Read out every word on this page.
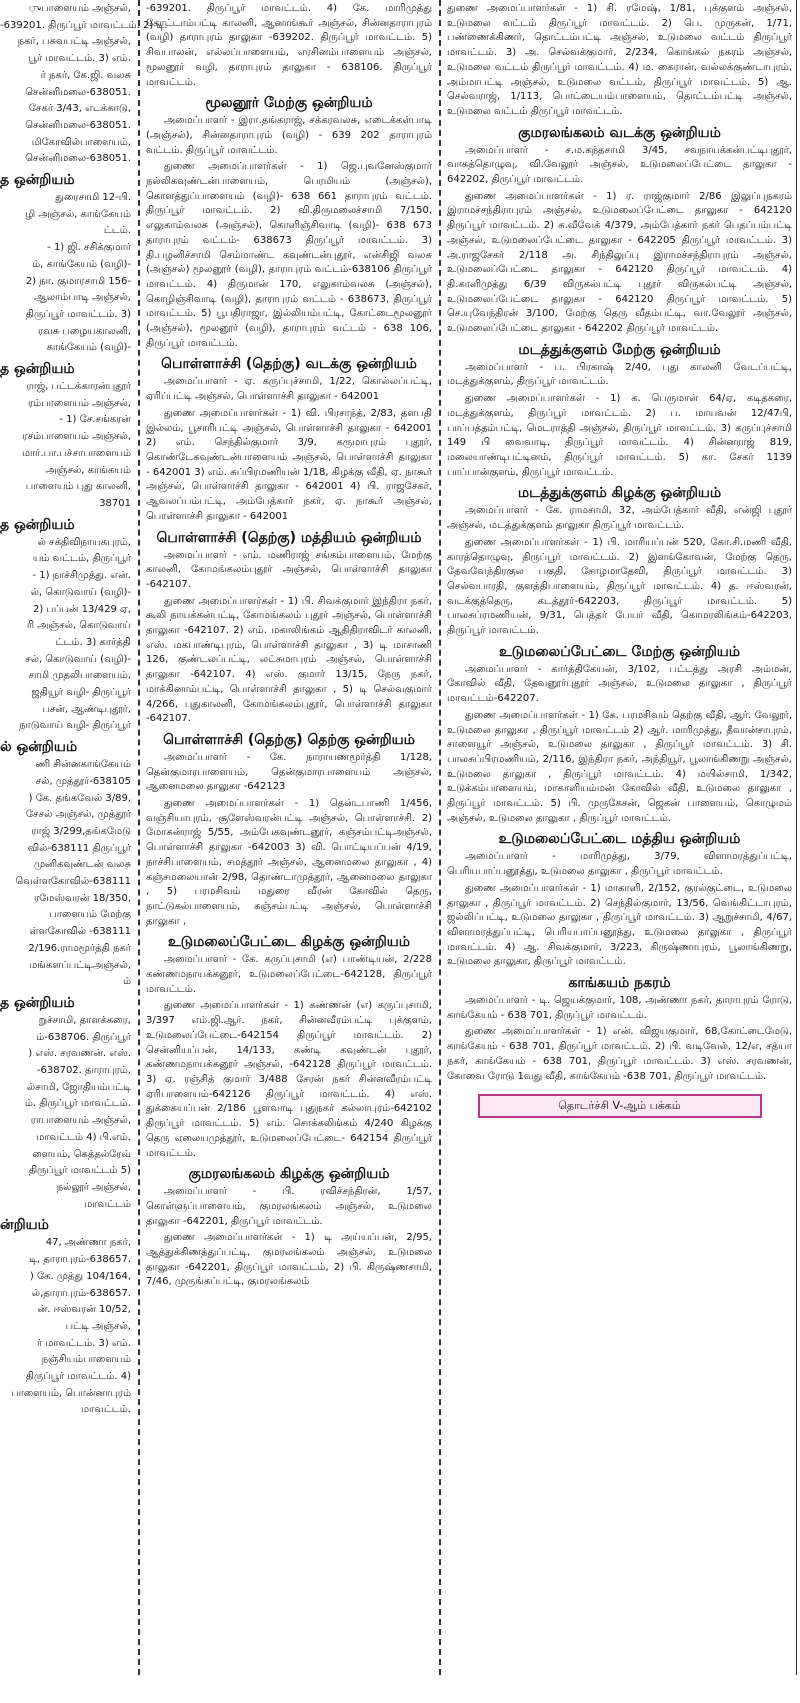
ுபாளையம் அஞ்சல்,
-639201. திருப்பூர் மாவட்டம். 2) டி.
நகர், பசுவபட்டி அஞ்சல்,
பூர் மாவட்டம். 3) எம்.
ர் நகர், கே.ஜி. வலசு
சென்னிமலை-638051.
சேகர் 3/43, எடக்காடு,
சென்னிமலை-638051.
மிகோவில்பாளையம்,
சென்னிமலை-638051.
த ஒன்றியம்
துரைசாமி 12-பி.
ழி அஞ்சல், காங்கேயம்
ட்டம்.
- 1) ஜி. சசிக்குமார்
ம், காங்கேயம் (வழி)-
2) நா. குமாரசாமி 156-
ஆலாம்பாடி அஞ்சல்,
திருப்பூர் மாவட்டம். 3)
ரவசு பழையகாலனி,
காங்கேயம் (வழி)-
த ஒன்றியம்
ராஜ், பட்டக்காரன்புதூர்
ரம்பாளையம் அஞ்சல்,
- 1) சே.சங்கரன்
ரசம்பாளையம் அஞ்சல்,
மார்.பா.பச்சாபாளையம்
அஞ்சல், காங்கயம்
பாளையம் புது காலனி,
38701
த ஒன்றியம்
ல் சக்திவிநாயகபுரம்,
யம் வட்டம், திருப்பூர்
- 1) நாச்சிமுத்து. என்.
ல், கொடுவாய் (வழி)-
2) பப்பன் 13/429 ஏ,
ரி அஞ்சல், கொடுவாய்
ட்டம். 3) கார்த்தி
சல், கொடுவாய் (வழி)-
சாமி முதலிபாளையம்,
ஜதியூர் வழி- திருப்பூர்
பசன், ஆண்டிபுதூர்,
நாடுவாய் வழி- திருப்பூர்
ல் ஒன்றியம்
ணி சின்னகாங்கேயம்
சல், முத்தூர்-638105
) கே. தங்கவேல் 3/89,
சேசல் அஞ்சல், முத்தூர்
ராஜ் 3/299,தங்கமேடு
வில்-638111 திருப்பூர்
முனிகவுண்டன் வலசு
வெள்ளகோவில்-638111
ரமேஸ்வரன் 18/350,
பாளையம் மேற்கு
ள்ளகோவில் -638111
2/196.ராமமூர்த்தி நகர்
மங்களப்பட்டிஅஞ்சல்,
ம்
த ஒன்றியம்
றுச்சாமி, தாளக்கரை,
ம்-638706. திருப்பூர்
) எஸ். சரவணன். எஸ்.
-638702. தாராபுரம்,
ல்சாமி, ஜோதியம்பட்டி
ம். திருப்பூர் மாவட்டம்.
ராபாளையம் அஞ்சல்,
மாவட்டம் 4) பி.எம்.
ளையம், கெத்தல்ரேவ்
திருப்பூர் மாவட்டம் 5)
நல்லூர் அஞ்சல்,
மாவட்டம்
ன்றியம்
47, அண்ணா நகர்,
டி, தாராபுரம்-638657.
) கே. முத்து 104/164,
ல்,தாராபுரம்-638657.
ன். ஈஸ்வரன் 10/52,
பட்டி அஞ்சல்,
ர் மாவட்டம். 3) எம்.
நஞ்சியம்பாளையம்
திருப்பூர் மாவட்டம். 4)
பாளையம், பொன்னாபுரம்
மாவட்டம்.
-639201. திருப்பூர் மாவட்டம். 4) கே. மாரிமுத்து கோட்டாம்பட்டி காலனி, ஆனாங்கூர் அஞ்சல், சின்னதாராபுரம் (வழி) தாராபுரம் தாலுகா -639202. திருப்பூர் மாவட்டம். 5) சிவபாலன், எல்லப்பாளையம், எரசினம்பாளையம் அஞ்சல், மூலனூர் வழி, தாராபுரம் தாலுகா - 638106. திருப்பூர் மாவட்டம்.
மூலனூர் மேற்கு ஒன்றியம்
அமைப்பாளர் - இரா.தங்கராஜ், சக்கரவலசு, எடைக்கள்பாடி (அஞ்சல்), சின்னதாராபுரம் (வழி) - 639 202 தாராபுரம் வட்டம். திருப்பூர் மாவட்டம்.
துணை அமைப்பாளர்கள் - 1) ஜெ.புவனேஸ்குமார் நல்லிகவுண்டன்பாளையம், பெரமியம் (அஞ்சல்), கொளத்துப்பாளையம் (வழி)- 638 661 தாராபுரம் வட்டம். திருப்பூர் மாவட்டம். 2) வி.திருமலைச்சாமி 7/150, எலுகாம்வலசு (அஞ்சல்), கொளிஞ்சிவாடி (வழி)- 638 673 தாராபுரம் வட்டம்- 638673 திருப்பூர் மாவட்டம். 3) தி.பழனிச்சாமி செம்மாண்ட கவுண்டன்புதூர், என்சிஜி வலசு (அஞ்சல்) மூலனூர் (வழி), தாராபுரம் வட்டம்-638106 திருப்பூர் மாவட்டம். 4) திருமான் 170, எலுகாம்வலசு (அஞ்சல்), கொழிஞ்சிவாடி (வழி), தாராபுரம் வட்டம் - 638673, திருப்பூர் மாவட்டம். 5) பூபதிராஜா, இல்லியம்பட்டி, கோட்டைமூலனூர் (அஞ்சல்), மூலனூர் (வழி), தாராபுரம் வட்டம் - 638 106, திருப்பூர் மாவட்டம்.
பொள்ளாச்சி (தெற்கு) வடக்கு ஒன்றியம்
அமைப்பாளர் - ஏ. கருப்புச்சாமி, 1/22, கொல்லப்பட்டி, ஏரிப்பட்டி அஞ்சல், பொள்ளாச்சி தாலுகா - 642001
துணை அமைப்பாளர்கள் - 1) வி. பிரசாந்த், 2/83, தளபதி இல்லம், பூசாரிபட்டி அஞ்சல், பொள்ளாச்சி தாலுகா - 642001 2) எம். செந்தில்குமார் 3/9, கருமாபுரம் புதூர், கொண்டேகவுண்டன்பாளையம் அஞ்சல், பொள்ளாச்சி தாலுகா - 642001 3) எம். சுப்பிரமணியன் 1/18, கிழக்கு வீதி, ஏ. நாகூர் அஞ்சல், பொள்ளாச்சி தாலுகா - 642001 4) பி. ராஜசேகர், ஆவலப்பம்பட்டி, அம்பேத்கார் நகர், ஏ. நாகூர் அஞ்சல், பொள்ளாச்சி தாலுகா - 642001
பொள்ளாச்சி (தெற்கு) மத்தியம் ஒன்றியம்
அமைப்பாளர் - எம். மணிராஜ் சங்கம்பாளையம், மேற்கு காலனி, கோமங்கலம்புதூர் அஞ்சல், பொள்ளாச்சி தாலுகா -642107.
துணை அமைப்பாளர்கள் - 1) பி. சிவக்குமார் இந்திரா நகர், கூலி நாயக்கன்பட்டி, கோமங்கலம் புதூர் அஞ்சல், பொள்ளாச்சி தாலுகா -642107. 2) எம். மகாலிங்கம் ஆதிதிராவிடர் காலனி, எஸ். மகபாண்டிபுரம், பொள்ளாச்சி தாலுகா , 3) டி மாசாணி 126, குண்டலப்பட்டி, லட்சுமாபுரம் அஞ்சல், பொள்ளாச்சி தாலுகா -642107. 4) எஸ். குமார் 13/15, நேரு நகர், மாக்கினாம்பட்டி, பொள்ளாச்சி தாலுகா , 5) டி செல்வகுமார் 4/266, புதுகாலனி, கோமங்கலம்புதூர், பொள்ளாச்சி தாலுகா -642107.
பொள்ளாச்சி (தெற்கு) தெற்கு ஒன்றியம்
அமைப்பாளர் - கே. நாராயணமூர்த்தி 1/128, தென்குமாரபாளையம், தென்குமாரபாளையம் அஞ்சல், ஆனைமலை தாலுகா -642123
துணை அமைப்பாளர்கள் - 1) தென்டபாணி 1/456, வஞ்சியாபுரம், சூளேஸ்வரன்பட்டி அஞ்சல், பொள்ளாச்சி. 2) மோகன்ராஜ் 5/55, அம்பேகவுண்டனூர், கஞ்சம்பட்டிஅஞ்சல், பொள்ளாச்சி தாலுகா -642003 3) வி. பொட்டியப்பன் 4/19, நாச்சிபாளையம், சமத்தூர் அஞ்சல், ஆனைமலை தாலுகா , 4) கஞ்சமலையான் 2/98, தொண்டாமுத்தூர், ஆனைமலை தாலுகா , 5) பரமசிவம் மதுரை வீரன் கோவில் தெரு, நாட்டுகல்பாளையம், கஞ்சம்பட்டி அஞ்சல், பொள்ளாச்சி தாலுகா ,
உடுமலைப்பேட்டை கிழக்கு ஒன்றியம்
அமைப்பாளர் - கே. கருப்புசாமி (எ) பாண்டியன், 2/228 கண்ணமநாயக்கனூர், உடுமலைப்பேட்டை-642128, திருப்பூர் மாவட்டம்.
துணை அமைப்பாளர்கள் - 1) கண்ணன் (எ) கருப்புசாமி, 3/397 எம்.ஜி.ஆர். நகர், சின்னவீரம்பட்டி புக்குளம், உடுமலைப்பேட்டை-642154 திருப்பூர் மாவட்டம். 2) சென்னியப்பன், 14/133, கண்டி கவுண்டன் புதூர், கண்ணமநாயக்கனூர் அஞ்சல், -642128 திருப்பூர் மாவட்டம். 3) ஏ. ரஞ்சித் குமார் 3/488 சேரன் நகர் சின்னவீரம்பட்டி ஏரிபாளையம்-642126 திருப்பூர் மாவட்டம். 4) எஸ். துக்கையப்பன் 2/186 பூளவாடி புதுநகர் கல்லாபுரம்-642102 திருப்பூர் மாவட்டம். 5) எம். சொக்கலிங்கம் 4/240 கிழக்கு தெரு எலையமுத்தூர், உடுமலைப்பேட்டை- 642154 திருப்பூர் மாவட்டம்.
குமரலங்கலம் கிழக்கு ஒன்றியம்
அமைப்பாளர் - பி. ரவிச்சந்திரன், 1/57, கொள்ளுப்பாளையம், குமரலங்கலம் அஞ்சல், உடுமலை தாலுகா -642201, திருப்பூர் மாவட்டம்.
துணை அமைப்பாளர்கள் - 1) டி அய்யப்பன், 2/95, ஆத்துக்கிணத்துப்பட்டி, குமரலங்கலம் அஞ்சல், உடுமலை தாலுகா -642201, திருப்பூர் மாவட்டம், 2) பி. கிருஷ்ணசாமி, 7/46, முருங்கப்பட்டி, குமரலங்கலம்
துணை அமைப்பாளர்கள் - 1) சி. ரமேஷ், 1/81, புக்குளம் அஞ்சல், உடுமலை வட்டம் திருப்பூர் மாவட்டம். 2) பெ. முருகன், 1/71, பண்ணைக்கிணர், தொட்டம்பட்டி அஞ்சல், உடுமலை வட்டம் திருப்பூர் மாவட்டம். 3) அ. செல்வக்குமார், 2/234, கொங்கல் நகரம் அஞ்சல், உடுமலை வட்டம் திருப்பூர் மாவட்டம். 4) ம. கைரான், வல்லக்குண்டாபுரம், அம்மாபட்டி அஞ்சல், உடுமலை வட்டம், திருப்பூர் மாவட்டம். 5) ஆ. செல்வராஜ், 1/113, பொட்டையம்பாளையம், தொட்டம்பட்டி அஞ்சல், உடுமலை வட்டம் திருப்பூர் மாவட்டம்.
குமரலங்கலம் வடக்கு ஒன்றியம்
அமைப்பாளர் - ச.ம.கந்தசாமி 3/45, சவநாயக்கன்பட்டிபுதூர், வாகத்தொழுவு, வி.வேலூர் அஞ்சல், உடுமலைப்பேட்டை தாலுகா - 642202, திருப்பூர் மாவட்டம்.
துணை அமைப்பாளர்கள் - 1) ர. ராஜ்குமார் 2/86 இலுப்புநகரம் இராமச்சந்திராபுரம் அஞ்சல், உடுமலைப்பேட்டை தாலுகா - 642120 திருப்பூர் மாவட்டம். 2) சு.வீவேக் 4/379, அம்பேத்கார் நகர் பெதப்பம்பட்டி அஞ்சல், உடுமலைப்பேட்டை தாலுகா - 642205 திருப்பூர் மாவட்டம். 3) அ.ராஜசேகர் 2/118 அ. சிந்திலுப்பு இராமச்சந்திராபுரம் அஞ்சல், உடுமலைப்பேட்டை தாலுகா - 642120 திருப்பூர் மாவட்டம். 4) தி.காளிமுத்து 6/39 விருகல்பட்டி புதூர் விருகல்பட்டி அஞ்சல், உடுமலைப்பேட்டை தாலுகா - 642120 திருப்பூர் மாவட்டம். 5) செ.யுவேந்திரன் 3/100, மேற்கு தெரு வீதம்பட்டி, வா.வேலூர் அஞ்சல், உடுமலைப்பேட்டை தாலுகா - 642202 திருப்பூர் மாவட்டம்.
மடத்துக்குளம் மேற்கு ஒன்றியம்
அமைப்பாளர் - ப. பிரகாஷ் 2/40, புது காலனி வேடப்பட்டி, மடத்துக்குளம், திருப்பூர் மாவட்டம்.
துணை அமைப்பாளர்கள் - 1) க. பெருமாள் 64/ஏ, கடிதகரை, மடத்துக்குளம், திருப்பூர் மாவட்டம். 2) ப. மாயவன் 12/47பி, பாப்பத்தம்பட்டி, மெடராத்தி அஞ்சல், திருப்பூர் மாவட்டம். 3) கருப்புச்சாமி 149 பி வைவாடி, திருப்பூர் மாவட்டம். 4) சின்னராஜ் 819, மலையாண்டிபட்டினம், திருப்பூர் மாவட்டம். 5) கா. சேகர் 1139 பாப்பான்குளம், திருப்பூர் மாவட்டம்.
மடத்துக்குளம் கிழக்கு ஒன்றியம்
அமைப்பாளர் - கே. ராமசாமி, 32, அம்பேத்கார் வீதி, என்ஜி புதூர் அஞ்சல், மடத்துக்குளம் தாலுகா திருப்பூர் மாவட்டம்.
துணை அமைப்பாளர்கள் - 1) பி. மாரியப்பன் 520, கோ.சி.மணி வீதி, காரத்தொழுவு, திருப்பூர் மாவட்டம். 2) இளங்கோவன், மேற்கு தெரு, தேவவேந்திரகுல பகுதி, சோழமாதேவி, திருப்பூர் மாவட்டம். 3) செல்வபாரதி, குளத்திபாளையம், திருப்பூர் மாவட்டம். 4) த. ஈஸ்வரன், வடக்குத்தெரு, கடத்தூர்-642203, திருப்பூர் மாவட்டம். 5) பாலசுப்ரமணியன், 9/31, பெத்தர் பேயர் வீதி, கொமரலிங்கம்-642203, திருப்பூர் மாவட்டம்.
உடுமலைப்பேட்டை மேற்கு ஒன்றியம்
அமைப்பாளர் - கார்த்திகேயன், 3/102, பட்டத்து அரசி அம்மன், கோவில் வீதி, தேவனூர்புதூர் அஞ்சல், உடுமலை தாலுகா , திருப்பூர் மாவட்டம்-642207.
துணை அமைப்பாளர்கள் - 1) கே. பரமசிவம் தெற்கு வீதி, ஆர். வேலூர், உடுமலை தாலுகா , திருப்பூர் மாவட்டம் 2) ஆர். மாரிமுத்து, தீவான்சாபுரம், சாளையூர் அஞ்சல், உடுமலை தாலுகா , திருப்பூர் மாவட்டம். 3) சி. பாலசுப்பிரமணியம், 2/116, இந்திரா நகர், அந்தியூர், பூலாங்கிணறு அஞ்சல், உடுமலை தாலுகா , திருப்பூர் மாவட்டம். 4) மயில்சாமி, 1/342, உடுக்கம்பாளையம், மாகாளியம்மன் கோவில் வீதி, உடுமலை தாலுகா , திருப்பூர் மாவட்டம். 5) பி. முருகேசன், ஜெகன் பாளையம், கொழுமம் அஞ்சல், உடுமலை தாலுகா , திருப்பூர் மாவட்டம்.
உடுமலைப்பேட்டை மத்திய ஒன்றியம்
அமைப்பாளர் - மாரிமுத்து, 3/79, விளாமரத்துப்பட்டி, பெரியபாப்பனூத்து, உடுமலை தாலுகா , திருப்பூர் மாவட்டம்.
துணை அமைப்பாளர்கள் - 1) மாகாளி, 2/152, குரல்குட்டை, உடுமலை தாலுகா , திருப்பூர் மாவட்டம். 2) செந்தில்குமார், 13/56, வெங்கிட்டாபுரம், ஜல்லிப்பட்டி, உடுமலை தாலுகா , திருப்பூர் மாவட்டம். 3) ஆறுச்சாமி, 4/67, விளாமரத்துப்பட்டி, பெரியபாப்பனூத்து, உடுமலை தாலுகா , திருப்பூர் மாவட்டம். 4) ஆ. சிவக்குமார், 3/223, கிருஷ்ணாபுரம், பூலாங்கிணறு, உடுமலை தாலுகா, திருப்பூர் மாவட்டம்.
காங்கயம் நகரம்
அமைப்பாளர் - டி. ஜெயக்குமார், 108, அண்ணா நகர், தாராபுரம் ரோடு, காங்கேயம் - 638 701, திருப்பூர் மாவட்டம்.
துணை அமைப்பாளர்கள் - 1) என். விஜயகுமார், 68,கோட்டைமேடு, காங்கேயம் - 638 701, திருப்பூர் மாவட்டம். 2) பி. வடிவேல், 12/எ, சத்யா நகர், காங்கேயம் - 638 701, திருப்பூர் மாவட்டம். 3) எஸ். சரவணன், கோவை ரோடு 1வது வீதி, காங்கேயம் -638 701, திருப்பூர் மாவட்டம்.
தொடர்ச்சி V-ஆம் பக்கம்
